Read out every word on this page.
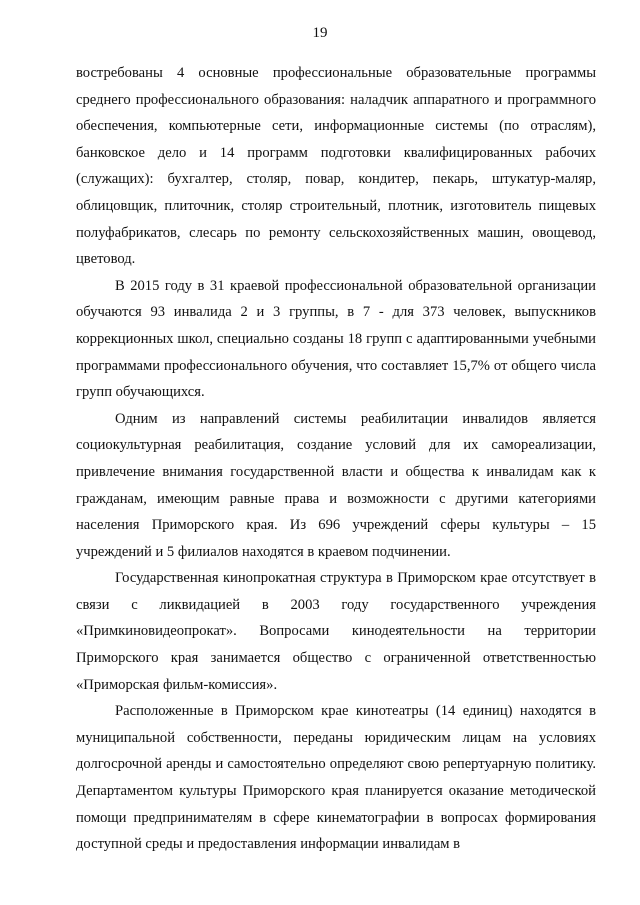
19

востребованы 4 основные профессиональные образовательные программы среднего профессионального образования: наладчик аппаратного и программного обеспечения, компьютерные сети, информационные системы (по отраслям), банковское дело и 14 программ подготовки квалифицированных рабочих (служащих): бухгалтер, столяр, повар, кондитер, пекарь, штукатур-маляр, облицовщик, плиточник, столяр строительный, плотник, изготовитель пищевых полуфабрикатов, слесарь по ремонту сельскохозяйственных машин, овощевод, цветовод.

В 2015 году в 31 краевой профессиональной образовательной организации обучаются 93 инвалида 2 и 3 группы, в 7 - для 373 человек, выпускников коррекционных школ, специально созданы 18 групп с адаптированными учебными программами профессионального обучения, что составляет 15,7% от общего числа групп обучающихся.

Одним из направлений системы реабилитации инвалидов является социокультурная реабилитация, создание условий для их самореализации, привлечение внимания государственной власти и общества к инвалидам как к гражданам, имеющим равные права и возможности с другими категориями населения Приморского края. Из 696 учреждений сферы культуры – 15 учреждений и 5 филиалов находятся в краевом подчинении.

Государственная кинопрокатная структура в Приморском крае отсутствует в связи с ликвидацией в 2003 году государственного учреждения «Примкиновидеопрокат». Вопросами кинодеятельности на территории Приморского края занимается общество с ограниченной ответственностью «Приморская фильм-комиссия».

Расположенные в Приморском крае кинотеатры (14 единиц) находятся в муниципальной собственности, переданы юридическим лицам на условиях долгосрочной аренды и самостоятельно определяют свою репертуарную политику. Департаментом культуры Приморского края планируется оказание методической помощи предпринимателям в сфере кинематографии в вопросах формирования доступной среды и предоставления информации инвалидам в
